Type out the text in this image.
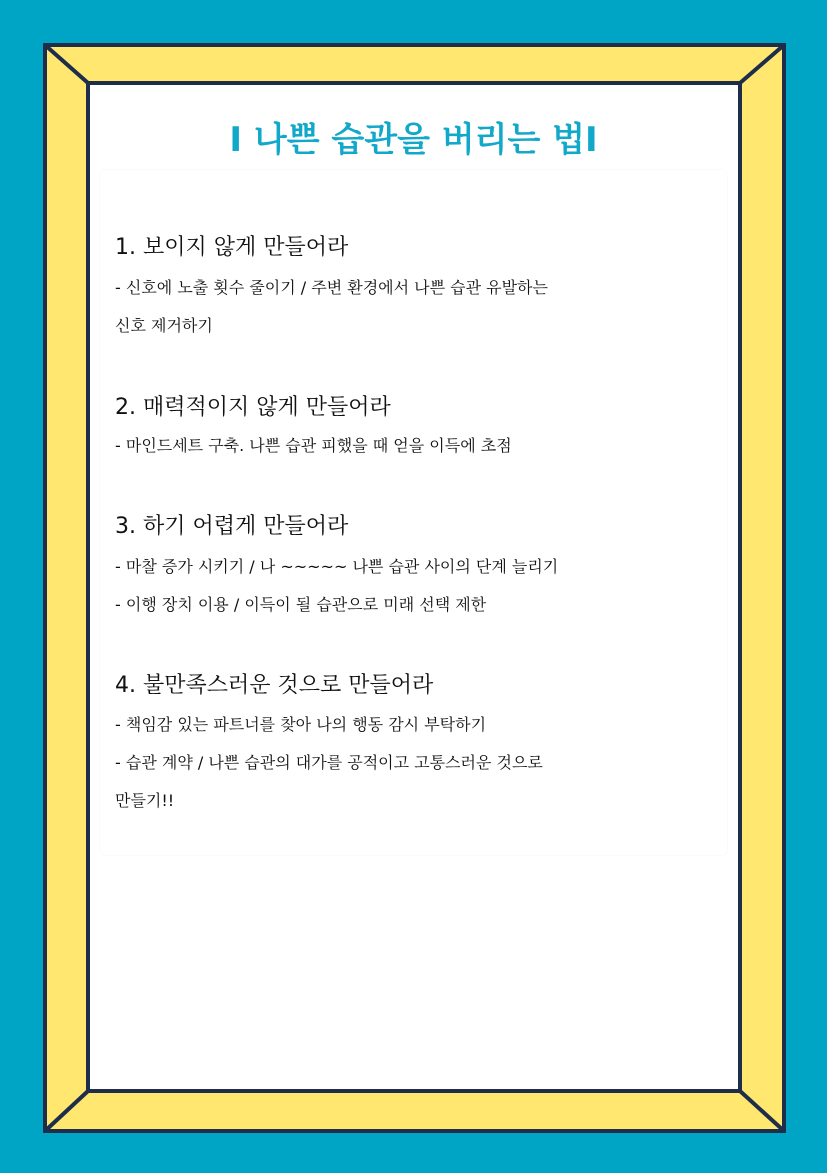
I 나쁜 습관을 버리는 법I
1. 보이지 않게 만들어라
- 신호에 노출 횟수 줄이기 / 주변 환경에서 나쁜 습관 유발하는
신호 제거하기
2. 매력적이지 않게 만들어라
- 마인드세트 구축. 나쁜 습관 피했을 때 얻을 이득에 초점
3. 하기 어렵게 만들어라
- 마찰 증가 시키기 / 나 ~~~~~ 나쁜 습관 사이의 단계 늘리기
- 이행 장치 이용 / 이득이 될 습관으로 미래 선택 제한
4. 불만족스러운 것으로 만들어라
- 책임감 있는 파트너를 찾아 나의 행동 감시 부탁하기
- 습관 계약 / 나쁜 습관의 대가를 공적이고 고통스러운 것으로
만들기!!
